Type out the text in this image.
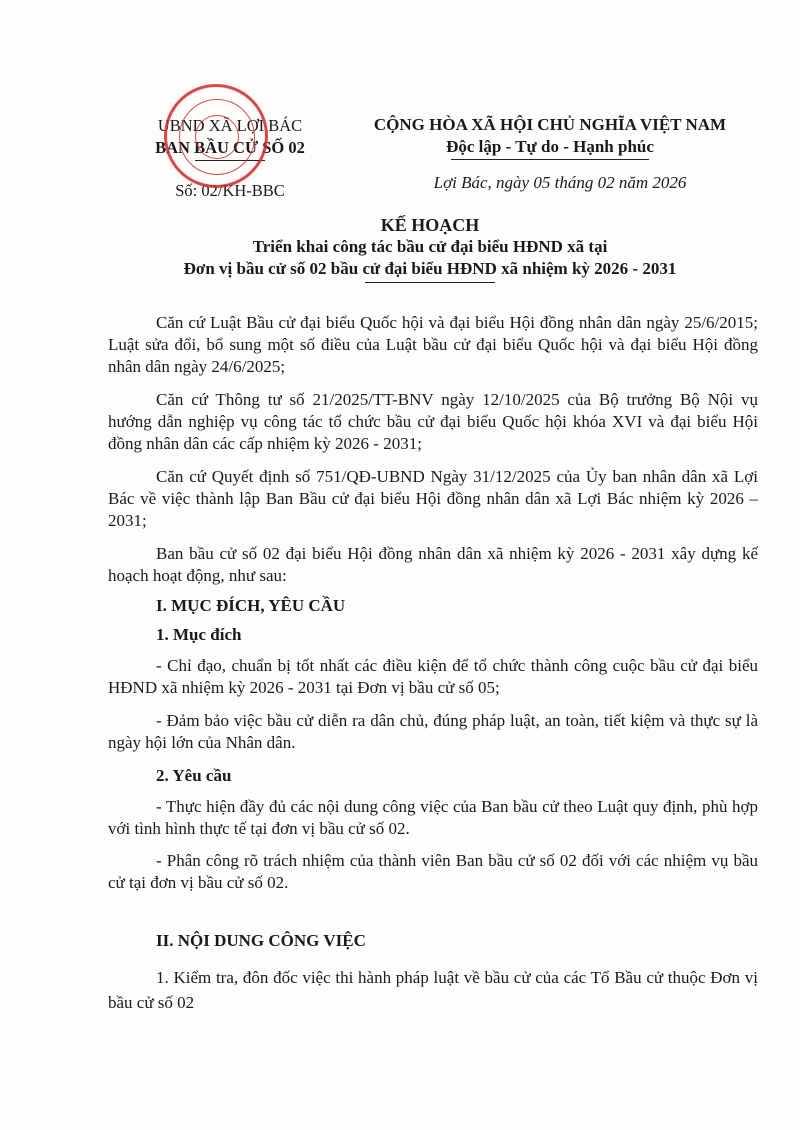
UBND XÃ LỢI BÁC
BAN BẦU CỬ SỐ 02
Số: 02/KH-BBC
CỘNG HÒA XÃ HỘI CHỦ NGHĨA VIỆT NAM
Độc lập - Tự do - Hạnh phúc
Lợi Bác, ngày 05 tháng 02 năm 2026
KẾ HOẠCH
Triển khai công tác bầu cử đại biểu HĐND xã tại
Đơn vị bầu cử số 02 bầu cử đại biểu HĐND xã nhiệm kỳ 2026 - 2031
Căn cứ Luật Bầu cử đại biểu Quốc hội và đại biểu Hội đồng nhân dân ngày 25/6/2015; Luật sửa đổi, bổ sung một số điều của Luật bầu cử đại biểu Quốc hội và đại biểu Hội đồng nhân dân ngày 24/6/2025;
Căn cứ Thông tư số 21/2025/TT-BNV ngày 12/10/2025 của Bộ trưởng Bộ Nội vụ hướng dẫn nghiệp vụ công tác tổ chức bầu cử đại biểu Quốc hội khóa XVI và đại biểu Hội đồng nhân dân các cấp nhiệm kỳ 2026 - 2031;
Căn cứ Quyết định số 751/QĐ-UBND Ngày 31/12/2025 của Ủy ban nhân dân xã Lợi Bác về việc thành lập Ban Bầu cử đại biểu Hội đồng nhân dân xã Lợi Bác nhiệm kỳ 2026 – 2031;
Ban bầu cử số 02 đại biểu Hội đồng nhân dân xã nhiệm kỳ 2026 - 2031 xây dựng kế hoạch hoạt động, như sau:
I. MỤC ĐÍCH, YÊU CẦU
1. Mục đích
- Chỉ đạo, chuẩn bị tốt nhất các điều kiện để tổ chức thành công cuộc bầu cử đại biểu HĐND xã nhiệm kỳ 2026 - 2031 tại Đơn vị bầu cử số 05;
- Đảm bảo việc bầu cử diễn ra dân chủ, đúng pháp luật, an toàn, tiết kiệm và thực sự là ngày hội lớn của Nhân dân.
2. Yêu cầu
- Thực hiện đầy đủ các nội dung công việc của Ban bầu cử theo Luật quy định, phù hợp với tình hình thực tế tại đơn vị bầu cử số 02.
- Phân công rõ trách nhiệm của thành viên Ban bầu cử số 02 đối với các nhiệm vụ bầu cử tại đơn vị bầu cử số 02.
II. NỘI DUNG CÔNG VIỆC
1. Kiểm tra, đôn đốc việc thi hành pháp luật về bầu cử của các Tổ Bầu cử thuộc Đơn vị bầu cử số 02
